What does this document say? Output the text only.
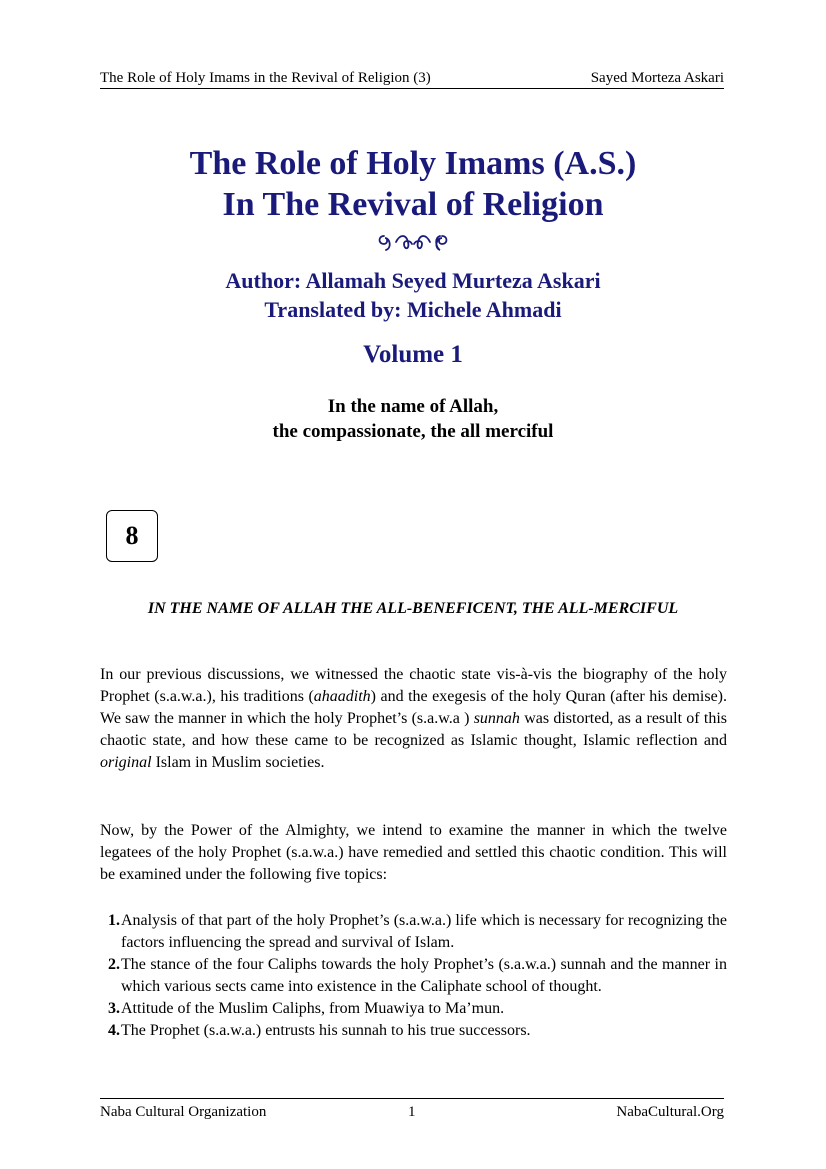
The Role of Holy Imams in the Revival of Religion (3)	Sayed Morteza Askari
The Role of Holy Imams (A.S.)
In The Revival of Religion
Author: Allamah Seyed Murteza Askari
Translated by: Michele Ahmadi
Volume 1
In the name of Allah,
the compassionate, the all merciful
8
IN THE NAME OF ALLAH THE ALL-BENEFICENT, THE ALL-MERCIFUL
In our previous discussions, we witnessed the chaotic state vis-à-vis the biography of the holy Prophet (s.a.w.a.), his traditions (ahaadith) and the exegesis of the holy Quran (after his demise). We saw the manner in which the holy Prophet’s (s.a.w.a ) sunnah was distorted, as a result of this chaotic state, and how these came to be recognized as Islamic thought, Islamic reflection and original Islam in Muslim societies.
Now, by the Power of the Almighty, we intend to examine the manner in which the twelve legatees of the holy Prophet (s.a.w.a.) have remedied and settled this chaotic condition. This will be examined under the following five topics:
1. Analysis of that part of the holy Prophet’s (s.a.w.a.) life which is necessary for recognizing the factors influencing the spread and survival of Islam.
2. The stance of the four Caliphs towards the holy Prophet’s (s.a.w.a.) sunnah and the manner in which various sects came into existence in the Caliphate school of thought.
3. Attitude of the Muslim Caliphs, from Muawiya to Ma’mun.
4. The Prophet (s.a.w.a.) entrusts his sunnah to his true successors.
Naba Cultural Organization	1	NabaCultural.Org
